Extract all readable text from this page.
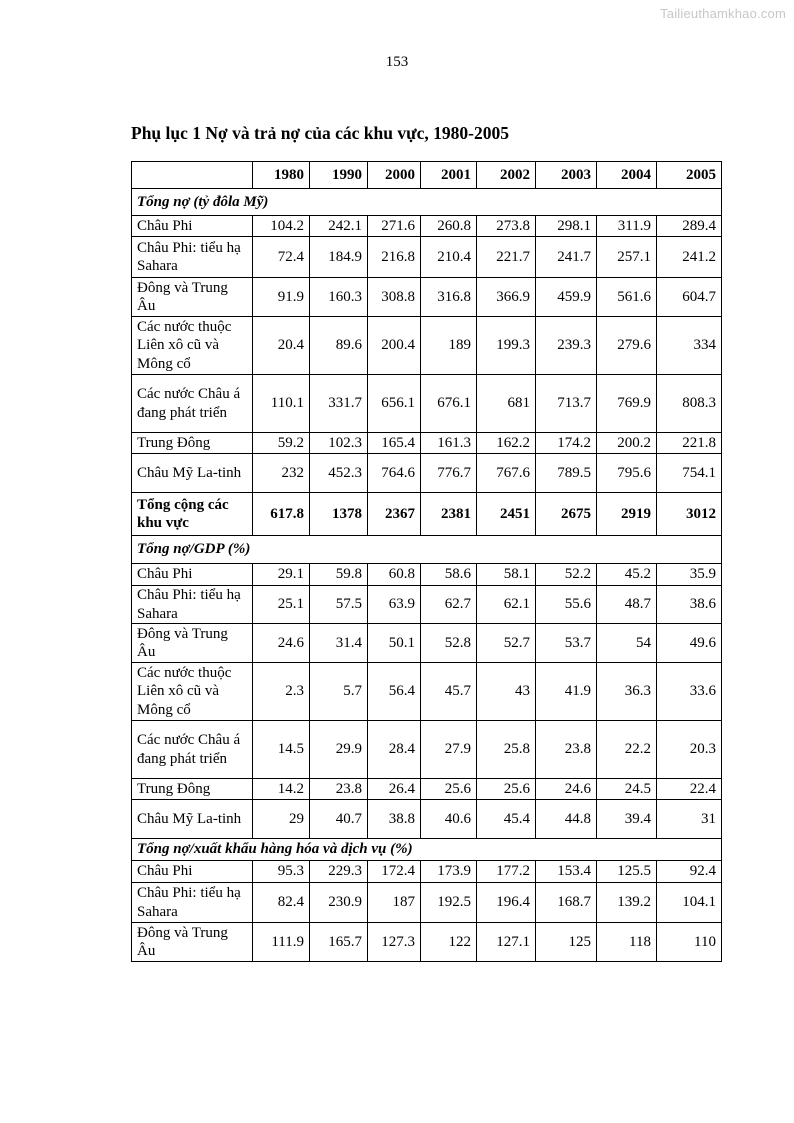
Tailieuthamkhao.com
153
Phụ lục 1 Nợ và trả nợ của các khu vực, 1980-2005
	1980	1990	2000	2001	2002	2003	2004	2005
Tổng nợ (tỷ đôla Mỹ)								
Châu Phi	104.2	242.1	271.6	260.8	273.8	298.1	311.9	289.4
Châu Phi: tiểu hạ Sahara	72.4	184.9	216.8	210.4	221.7	241.7	257.1	241.2
Đông và Trung Âu	91.9	160.3	308.8	316.8	366.9	459.9	561.6	604.7
Các nước thuộc Liên xô cũ và Mông cổ	20.4	89.6	200.4	189	199.3	239.3	279.6	334
Các nước Châu á đang phát triển	110.1	331.7	656.1	676.1	681	713.7	769.9	808.3
Trung Đông	59.2	102.3	165.4	161.3	162.2	174.2	200.2	221.8
Châu Mỹ La-tinh	232	452.3	764.6	776.7	767.6	789.5	795.6	754.1
Tổng cộng các khu vực	617.8	1378	2367	2381	2451	2675	2919	3012
Tổng nợ/GDP (%)								
Châu Phi	29.1	59.8	60.8	58.6	58.1	52.2	45.2	35.9
Châu Phi: tiểu hạ Sahara	25.1	57.5	63.9	62.7	62.1	55.6	48.7	38.6
Đông và Trung Âu	24.6	31.4	50.1	52.8	52.7	53.7	54	49.6
Các nước thuộc Liên xô cũ và Mông cổ	2.3	5.7	56.4	45.7	43	41.9	36.3	33.6
Các nước Châu á đang phát triển	14.5	29.9	28.4	27.9	25.8	23.8	22.2	20.3
Trung Đông	14.2	23.8	26.4	25.6	25.6	24.6	24.5	22.4
Châu Mỹ La-tinh	29	40.7	38.8	40.6	45.4	44.8	39.4	31
Tổng nợ/xuất khẩu hàng hóa và dịch vụ (%)								
Châu Phi	95.3	229.3	172.4	173.9	177.2	153.4	125.5	92.4
Châu Phi: tiểu hạ Sahara	82.4	230.9	187	192.5	196.4	168.7	139.2	104.1
Đông và Trung Âu	111.9	165.7	127.3	122	127.1	125	118	110
